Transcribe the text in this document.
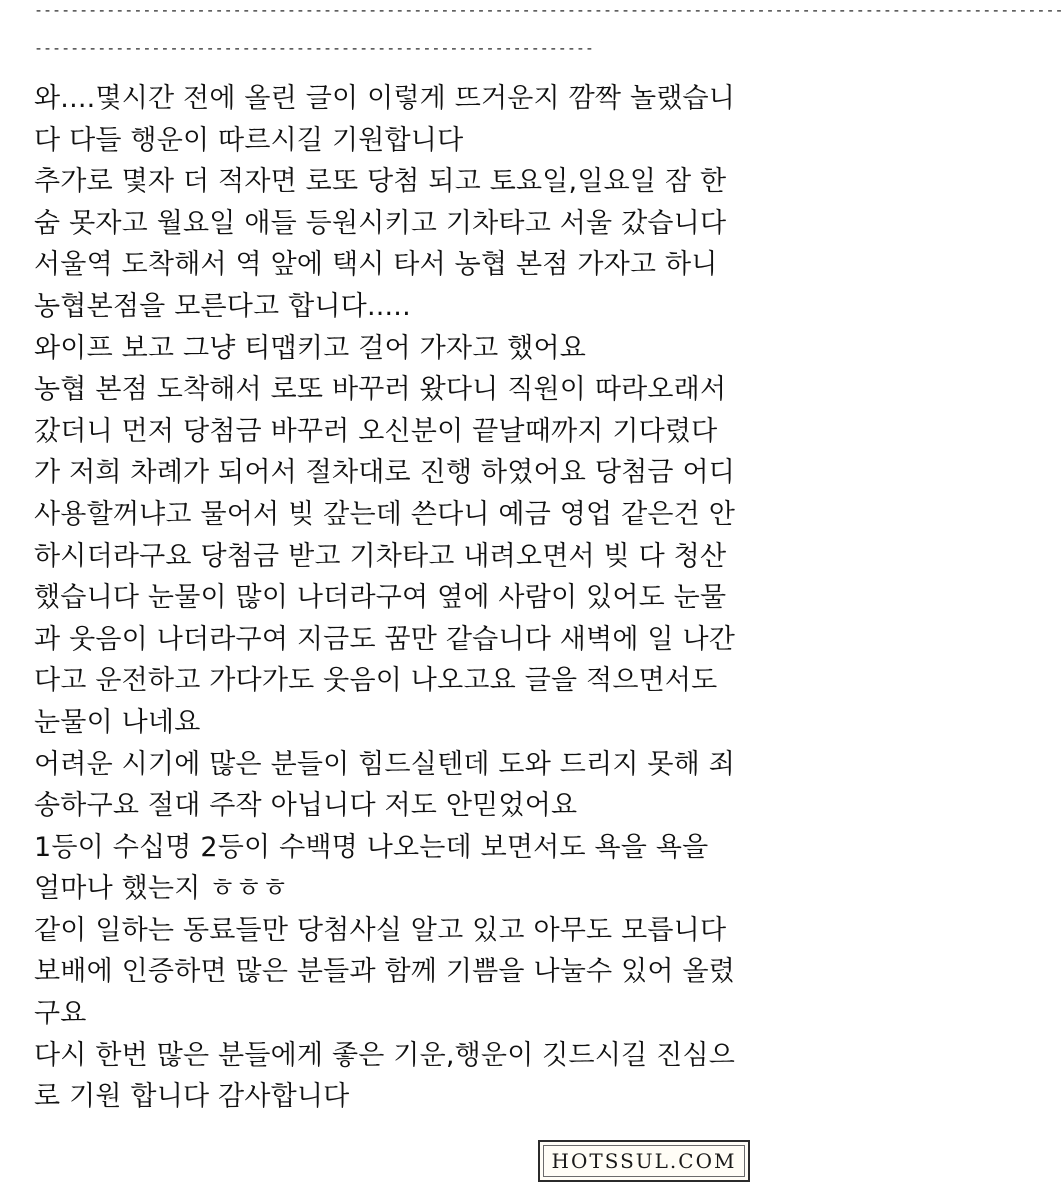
------------------------------------------------------------------------------------------------------------------
--------------------------------------------------------------
와....몇시간 전에 올린 글이 이렇게 뜨거운지 깜짝 놀랬습니
다 다들 행운이 따르시길 기원합니다
추가로 몇자 더 적자면 로또 당첨 되고 토요일,일요일 잠 한
숨 못자고 월요일 애들 등원시키고 기차타고 서울 갔습니다
서울역 도착해서 역 앞에 택시 타서 농협 본점 가자고 하니
농협본점을 모른다고 합니다.....
와이프 보고 그냥 티맵키고 걸어 가자고 했어요
농협 본점 도착해서 로또 바꾸러 왔다니 직원이 따라오래서
갔더니 먼저 당첨금 바꾸러 오신분이 끝날때까지 기다렸다
가 저희 차례가 되어서 절차대로 진행 하였어요 당첨금 어디
사용할꺼냐고 물어서 빚 갚는데 쓴다니 예금 영업 같은건 안
하시더라구요 당첨금 받고 기차타고 내려오면서 빚 다 청산
했습니다 눈물이 많이 나더라구여 옆에 사람이 있어도 눈물
과 웃음이 나더라구여 지금도 꿈만 같습니다 새벽에 일 나간
다고 운전하고 가다가도 웃음이 나오고요 글을 적으면서도
눈물이 나네요
어려운 시기에 많은 분들이 힘드실텐데 도와 드리지 못해 죄
송하구요 절대 주작 아닙니다 저도 안믿었어요
1등이 수십명 2등이 수백명 나오는데 보면서도 욕을 욕을
얼마나 했는지 ㅎㅎㅎ
같이 일하는 동료들만 당첨사실 알고 있고 아무도 모릅니다
보배에 인증하면 많은 분들과 함께 기쁨을 나눌수 있어 올렸
구요
다시 한번 많은 분들에게 좋은 기운,행운이 깃드시길 진심으
로 기원 합니다 감사합니다
HOTSSUL.COM
